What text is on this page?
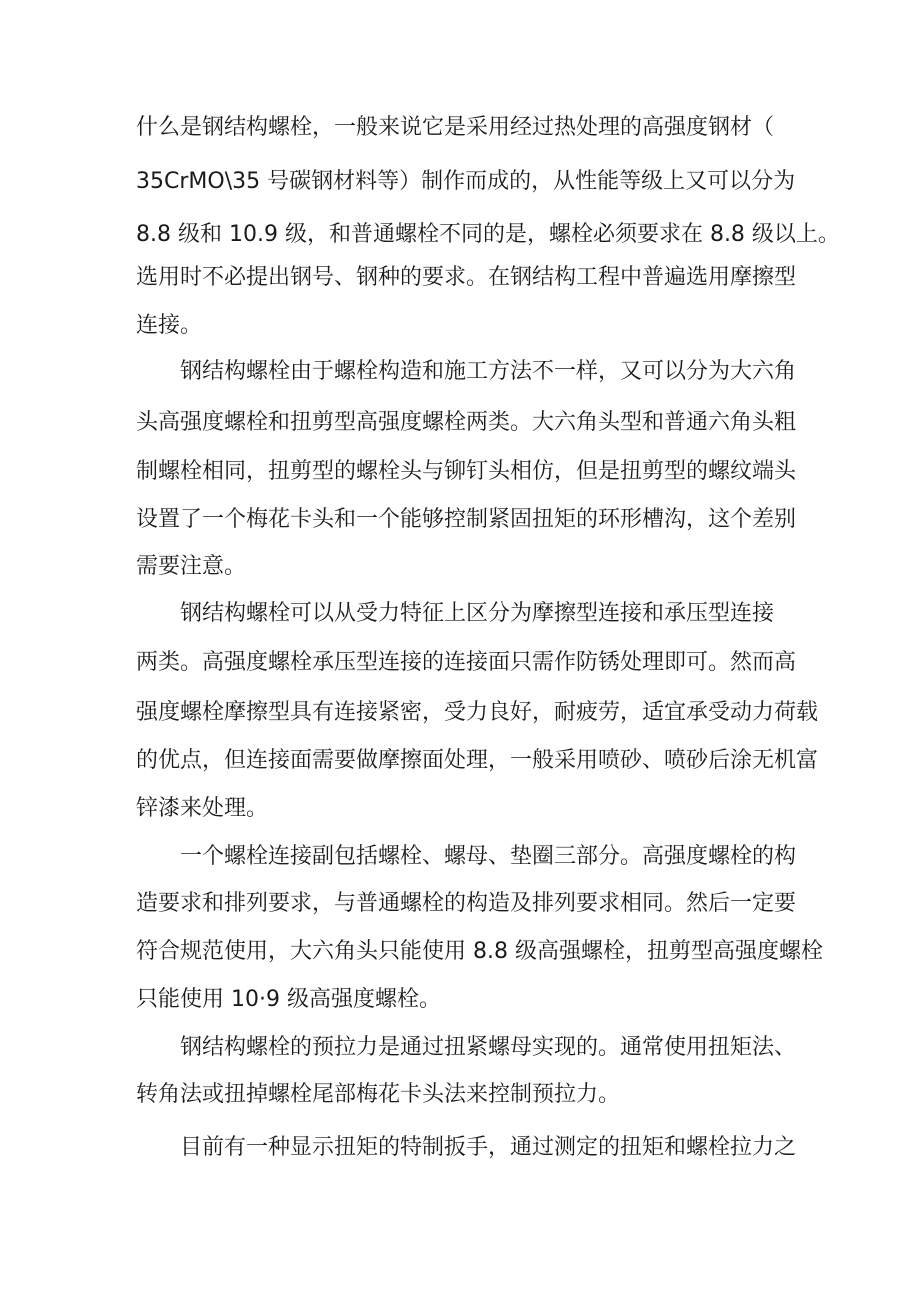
什么是钢结构螺栓，一般来说它是采用经过热处理的高强度钢材（
35CrMO\35 号碳钢材料等）制作而成的，从性能等级上又可以分为
8.8 级和 10.9 级，和普通螺栓不同的是，螺栓必须要求在 8.8 级以上。
选用时不必提出钢号、钢种的要求。在钢结构工程中普遍选用摩擦型
连接。
钢结构螺栓由于螺栓构造和施工方法不一样，又可以分为大六角
头高强度螺栓和扭剪型高强度螺栓两类。大六角头型和普通六角头粗
制螺栓相同，扭剪型的螺栓头与铆钉头相仿，但是扭剪型的螺纹端头
设置了一个梅花卡头和一个能够控制紧固扭矩的环形槽沟，这个差别
需要注意。
钢结构螺栓可以从受力特征上区分为摩擦型连接和承压型连接
两类。高强度螺栓承压型连接的连接面只需作防锈处理即可。然而高
强度螺栓摩擦型具有连接紧密，受力良好，耐疲劳，适宜承受动力荷载
的优点，但连接面需要做摩擦面处理，一般采用喷砂、喷砂后涂无机富
锌漆来处理。
一个螺栓连接副包括螺栓、螺母、垫圈三部分。高强度螺栓的构
造要求和排列要求，与普通螺栓的构造及排列要求相同。然后一定要
符合规范使用，大六角头只能使用 8.8 级高强螺栓，扭剪型高强度螺栓
只能使用 10·9 级高强度螺栓。
钢结构螺栓的预拉力是通过扭紧螺母实现的。通常使用扭矩法、
转角法或扭掉螺栓尾部梅花卡头法来控制预拉力。
目前有一种显示扭矩的特制扳手，通过测定的扭矩和螺栓拉力之
